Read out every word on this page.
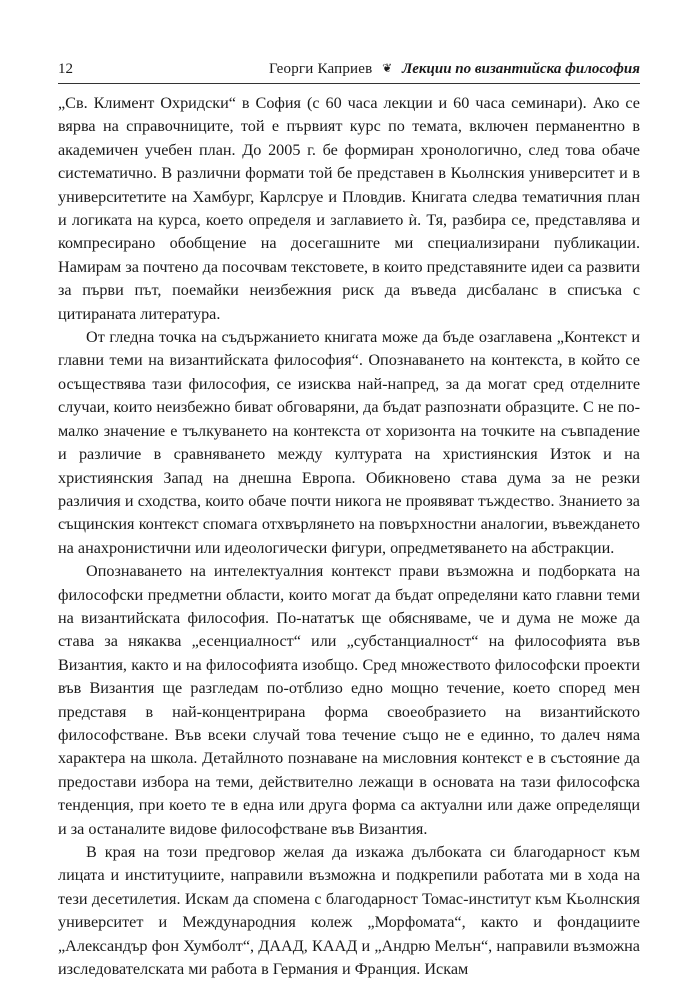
12	Георги Каприев ❦ Лекции по византийска философия

„Св. Климент Охридски“ в София (с 60 часа лекции и 60 часа семинари). Ако се вярва на справочниците, той е първият курс по темата, включен перманентно в академичен учебен план. До 2005 г. бе формиран хронологично, след това обаче систематично. В различни формати той бе представен в Кьолнския университет и в университетите на Хамбург, Карлсруе и Пловдив. Книгата следва тематичния план и логиката на курса, което определя и заглавието ѝ. Тя, разбира се, представлява и компресирано обобщение на досегашните ми специализирани публикации. Намирам за почтено да посочвам текстовете, в които представяните идеи са развити за първи път, поемайки неизбежния риск да въведа дисбаланс в списъка с цитираната литература.

От гледна точка на съдържанието книгата може да бъде озаглавена „Контекст и главни теми на византийската философия“. Опознаването на контекста, в който се осъществява тази философия, се изисква най-напред, за да могат сред отделните случаи, които неизбежно биват обговаряни, да бъдат разпознати образците. С не по-малко значение е тълкуването на контекста от хоризонта на точките на съвпадение и различие в сравняването между културата на християнския Изток и на християнския Запад на днешна Европа. Обикновено става дума за не резки различия и сходства, които обаче почти никога не проявяват тъждество. Знанието за същинския контекст спомага отхвърлянето на повърхностни аналогии, въвеждането на анахронистични или идеологически фигури, опредметяването на абстракции.

Опознаването на интелектуалния контекст прави възможна и подборката на философски предметни области, които могат да бъдат определяни като главни теми на византийската философия. По-нататък ще обясняваме, че и дума не може да става за някаква „есенциалност“ или „субстанциалност“ на философията във Византия, както и на философията изобщо. Сред множеството философски проекти във Византия ще разгледам по-отблизо едно мощно течение, което според мен представя в най-концентрирана форма своеобразието на византийското философстване. Във всеки случай това течение също не е единно, то далеч няма характера на школа. Детайлното познаване на мисловния контекст е в състояние да предостави избора на теми, действително лежащи в основата на тази философска тенденция, при което те в една или друга форма са актуални или даже определящи и за останалите видове философстване във Византия.

В края на този предговор желая да изкажа дълбоката си благодарност към лицата и институциите, направили възможна и подкрепили работата ми в хода на тези десетилетия. Искам да спомена с благодарност Томас-институт към Кьолнския университет и Международния колеж „Морфомата“, както и фондациите „Александър фон Хумболт“, ДААД, КААД и „Андрю Мелън“, направили възможна изследователската ми работа в Германия и Франция. Искам
